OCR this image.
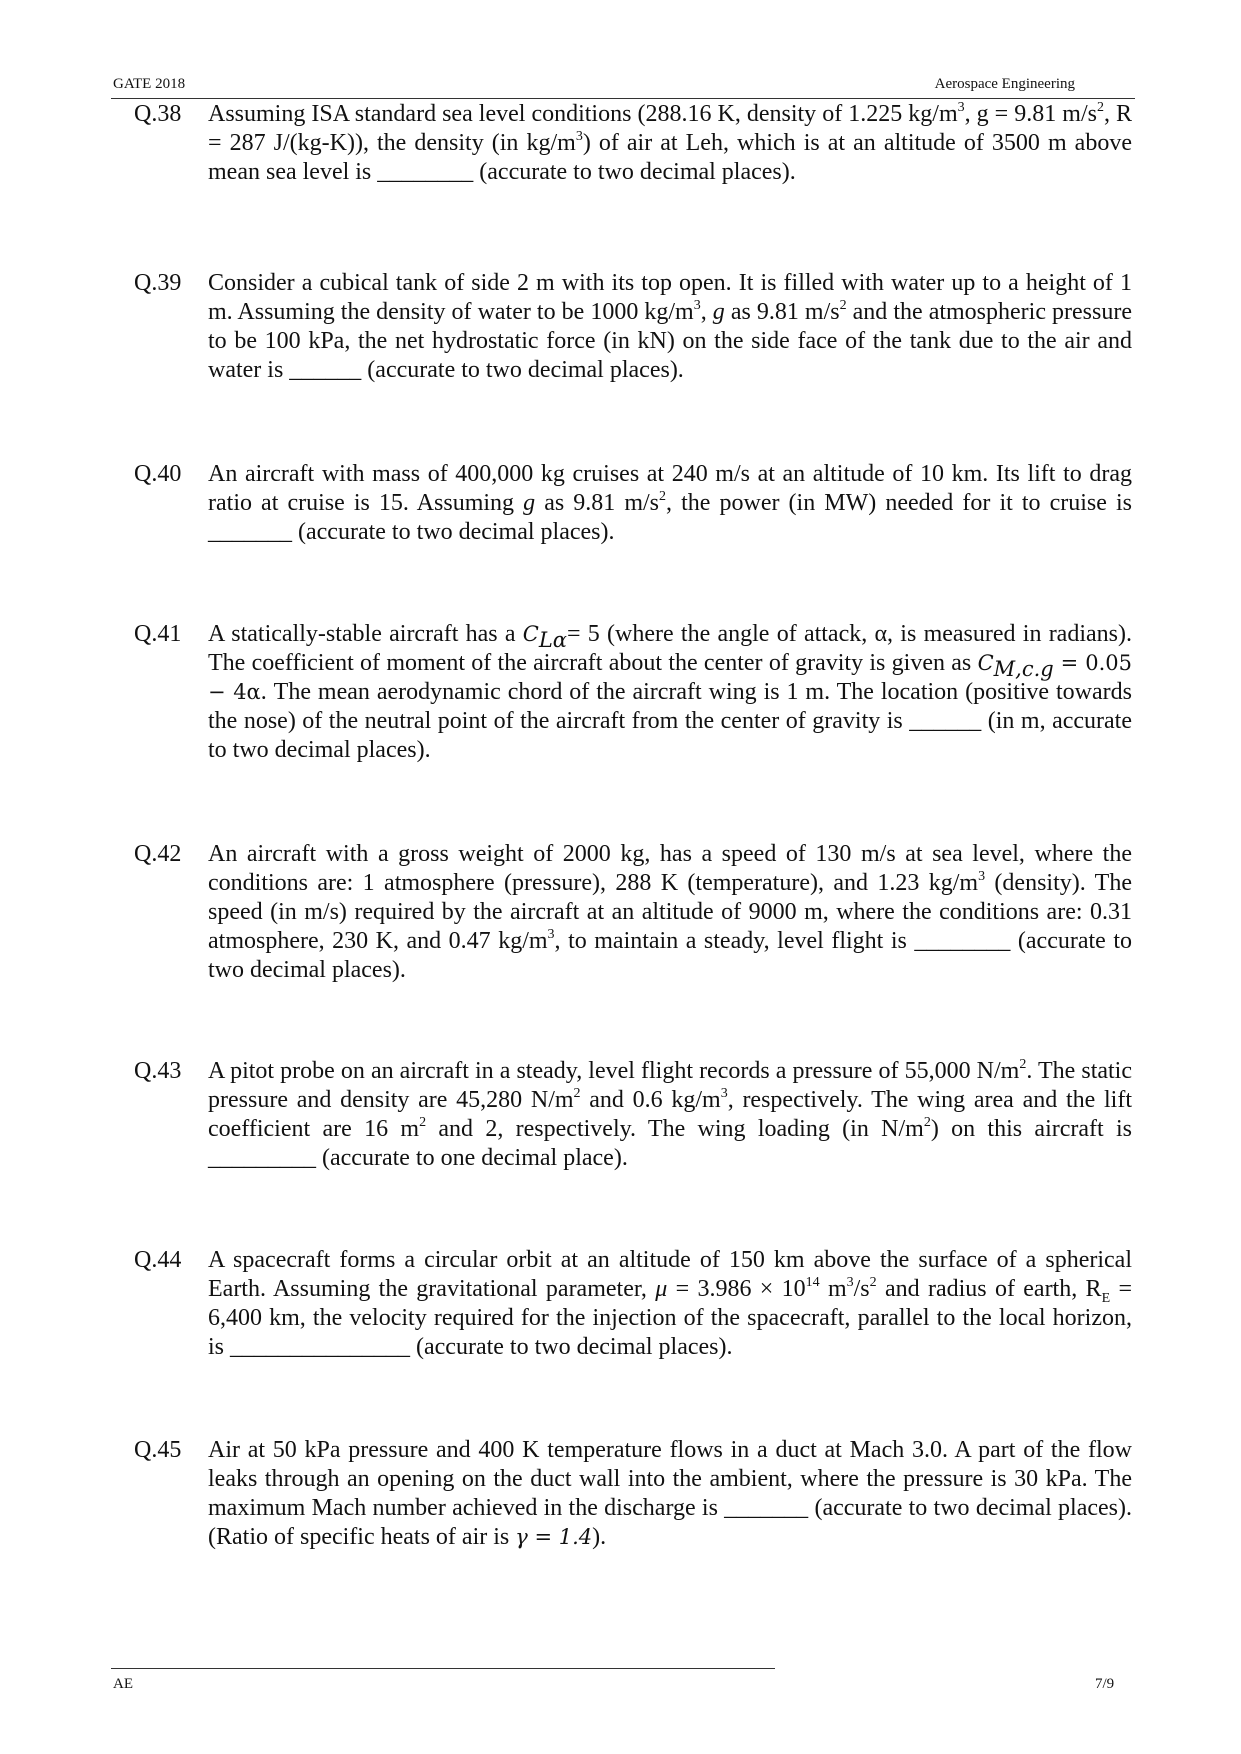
GATE 2018	Aerospace Engineering
Q.38 Assuming ISA standard sea level conditions (288.16 K, density of 1.225 $kg/m^3$, g = 9.81 $m/s^2$, R = 287 J/(kg-K)), the density (in $kg/m^3$) of air at Leh, which is at an altitude of 3500 m above mean sea level is ________ (accurate to two decimal places).
Q.39 Consider a cubical tank of side 2 m with its top open. It is filled with water up to a height of 1 m. Assuming the density of water to be 1000 $kg/m^3$, g as 9.81 $m/s^2$ and the atmospheric pressure to be 100 kPa, the net hydrostatic force (in kN) on the side face of the tank due to the air and water is ______ (accurate to two decimal places).
Q.40 An aircraft with mass of 400,000 kg cruises at 240 m/s at an altitude of 10 km. Its lift to drag ratio at cruise is 15. Assuming g as 9.81 $m/s^2$, the power (in MW) needed for it to cruise is _______ (accurate to two decimal places).
Q.41 A statically-stable aircraft has a $C_{L\alpha}= 5$ (where the angle of attack, α, is measured in radians). The coefficient of moment of the aircraft about the center of gravity is given as $C_{M,c.g} = 0.05 - 4\alpha$. The mean aerodynamic chord of the aircraft wing is 1 m. The location (positive towards the nose) of the neutral point of the aircraft from the center of gravity is ______ (in m, accurate to two decimal places).
Q.42 An aircraft with a gross weight of 2000 kg, has a speed of 130 m/s at sea level, where the conditions are: 1 atmosphere (pressure), 288 K (temperature), and 1.23 $kg/m^3$ (density). The speed (in m/s) required by the aircraft at an altitude of 9000 m, where the conditions are: 0.31 atmosphere, 230 K, and 0.47 $kg/m^3$, to maintain a steady, level flight is ________ (accurate to two decimal places).
Q.43 A pitot probe on an aircraft in a steady, level flight records a pressure of 55,000 $N/m^2$. The static pressure and density are 45,280 $N/m^2$ and 0.6 $kg/m^3$, respectively. The wing area and the lift coefficient are 16 $m^2$ and 2, respectively. The wing loading (in $N/m^2$) on this aircraft is _________ (accurate to one decimal place).
Q.44 A spacecraft forms a circular orbit at an altitude of 150 km above the surface of a spherical Earth. Assuming the gravitational parameter, $\mu = 3.986 \times 10^{14}$ $m^3/s^2$ and radius of earth, $R_E = 6,400$ km, the velocity required for the injection of the spacecraft, parallel to the local horizon, is _______________ (accurate to two decimal places).
Q.45 Air at 50 kPa pressure and 400 K temperature flows in a duct at Mach 3.0. A part of the flow leaks through an opening on the duct wall into the ambient, where the pressure is 30 kPa. The maximum Mach number achieved in the discharge is _______ (accurate to two decimal places). (Ratio of specific heats of air is γ = 1.4).
AE	7/9
